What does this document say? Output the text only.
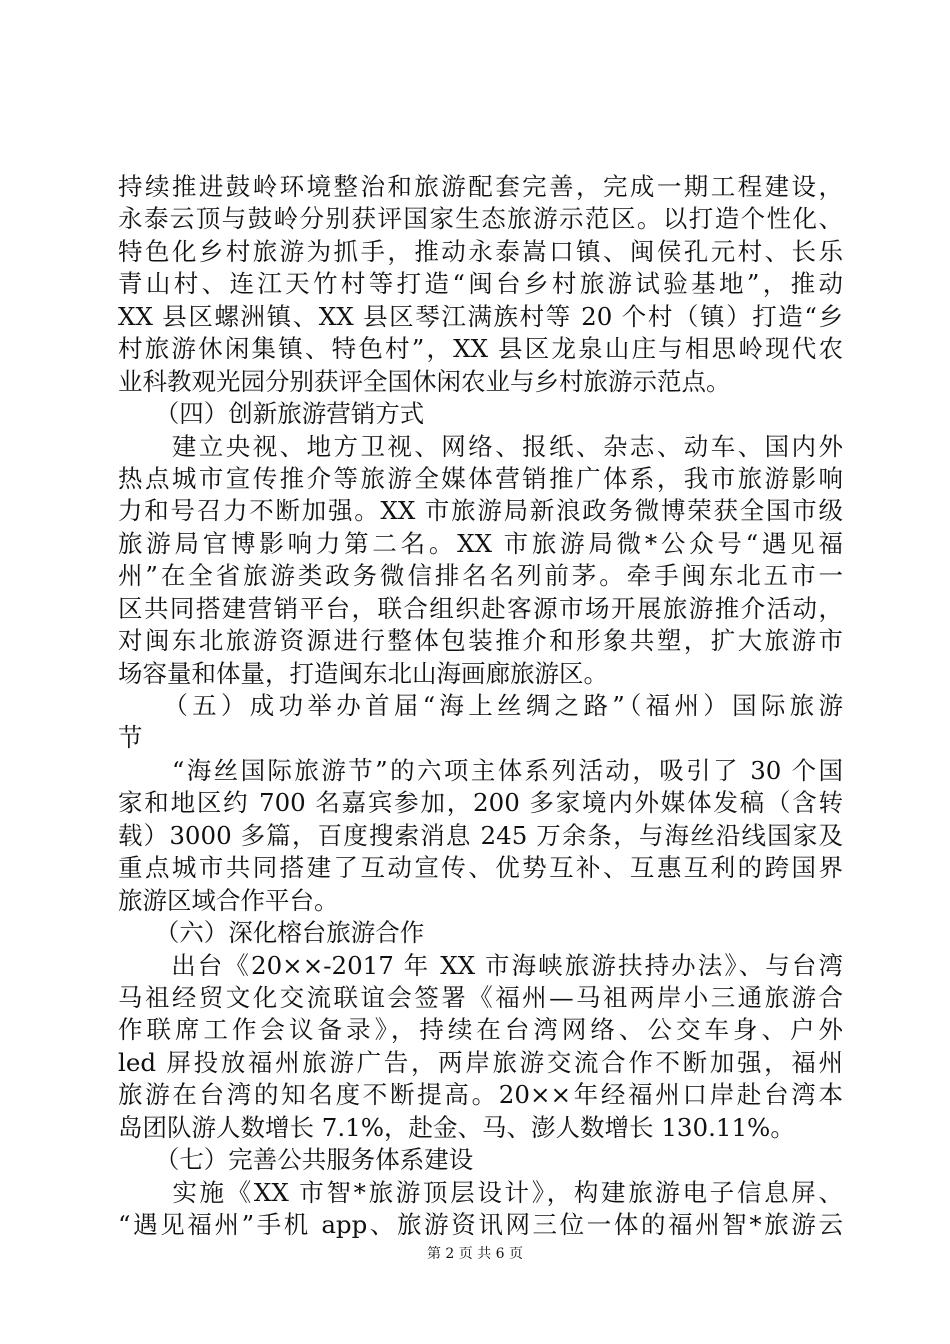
持续推进鼓岭环境整治和旅游配套完善，完成一期工程建设，
永泰云顶与鼓岭分别获评国家生态旅游示范区。以打造个性化、
特色化乡村旅游为抓手，推动永泰嵩口镇、闽侯孔元村、长乐
青山村、连江天竹村等打造“闽台乡村旅游试验基地”，推动
XX 县区螺洲镇、XX 县区琴江满族村等 20 个村（镇）打造“乡
村旅游休闲集镇、特色村”，XX 县区龙泉山庄与相思岭现代农
业科教观光园分别获评全国休闲农业与乡村旅游示范点。
　　（四）创新旅游营销方式
　　建立央视、地方卫视、网络、报纸、杂志、动车、国内外
热点城市宣传推介等旅游全媒体营销推广体系，我市旅游影响
力和号召力不断加强。XX 市旅游局新浪政务微博荣获全国市级
旅游局官博影响力第二名。XX 市旅游局微*公众号“遇见福
州”在全省旅游类政务微信排名名列前茅。牵手闽东北五市一
区共同搭建营销平台，联合组织赴客源市场开展旅游推介活动，
对闽东北旅游资源进行整体包装推介和形象共塑，扩大旅游市
场容量和体量，打造闽东北山海画廊旅游区。
　　（五）成功举办首届“海上丝绸之路”（福州）国际旅游
节
　　“海丝国际旅游节”的六项主体系列活动，吸引了 30 个国
家和地区约 700 名嘉宾参加，200 多家境内外媒体发稿（含转
载）3000 多篇，百度搜索消息 245 万余条，与海丝沿线国家及
重点城市共同搭建了互动宣传、优势互补、互惠互利的跨国界
旅游区域合作平台。
　　（六）深化榕台旅游合作
　　出台《20××-2017 年 XX 市海峡旅游扶持办法》、与台湾
马祖经贸文化交流联谊会签署《福州—马祖两岸小三通旅游合
作联席工作会议备录》，持续在台湾网络、公交车身、户外
led 屏投放福州旅游广告，两岸旅游交流合作不断加强，福州
旅游在台湾的知名度不断提高。20××年经福州口岸赴台湾本
岛团队游人数增长 7.1%，赴金、马、澎人数增长 130.11%。
　　（七）完善公共服务体系建设
　　实施《XX 市智*旅游顶层设计》，构建旅游电子信息屏、
“遇见福州”手机 app、旅游资讯网三位一体的福州智*旅游云
第 2 页 共 6 页
